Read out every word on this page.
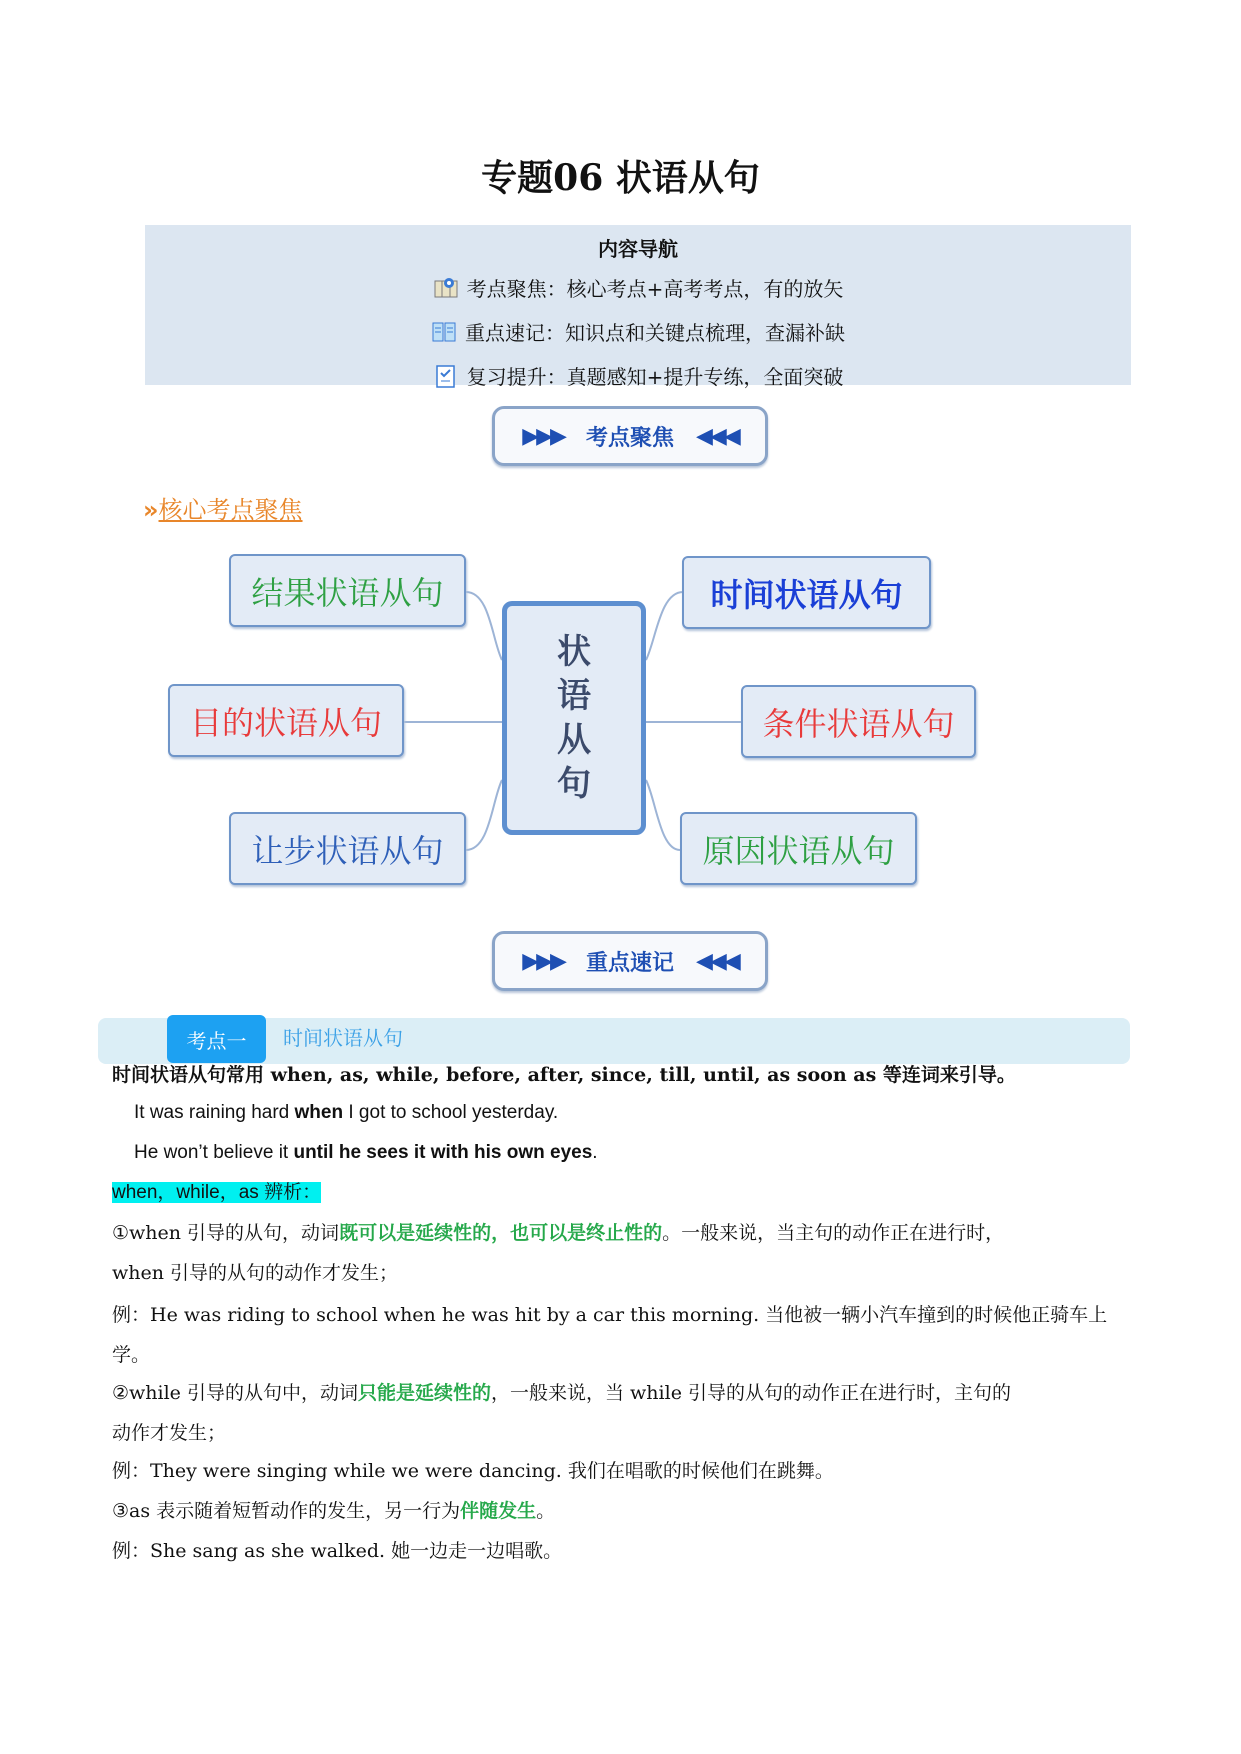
专题06 状语从句
内容导航
考点聚焦：核心考点+高考考点，有的放矢
重点速记：知识点和关键点梳理，查漏补缺
复习提升：真题感知+提升专练，全面突破
▶▶▶ 考点聚焦 ◀◀◀
»核心考点聚焦
结果状语从句	时间状语从句
目的状语从句	条件状语从句
让步状语从句	原因状语从句
状
语
从
句
▶▶▶ 重点速记 ◀◀◀
考点一	时间状语从句
时间状语从句常用 when, as, while, before, after, since, till, until, as soon as 等连词来引导。
It was raining hard when I got to school yesterday.
He won’t believe it until he sees it with his own eyes.
when，while，as 辨析：
①when 引导的从句，动词既可以是延续性的，也可以是终止性的。一般来说，当主句的动作正在进行时，
when 引导的从句的动作才发生；
例：He was riding to school when he was hit by a car this morning. 当他被一辆小汽车撞到的时候他正骑车上
学。
②while 引导的从句中，动词只能是延续性的，一般来说，当 while 引导的从句的动作正在进行时，主句的
动作才发生；
例：They were singing while we were dancing. 我们在唱歌的时候他们在跳舞。
③as 表示随着短暂动作的发生，另一行为伴随发生。
例：She sang as she walked. 她一边走一边唱歌。
